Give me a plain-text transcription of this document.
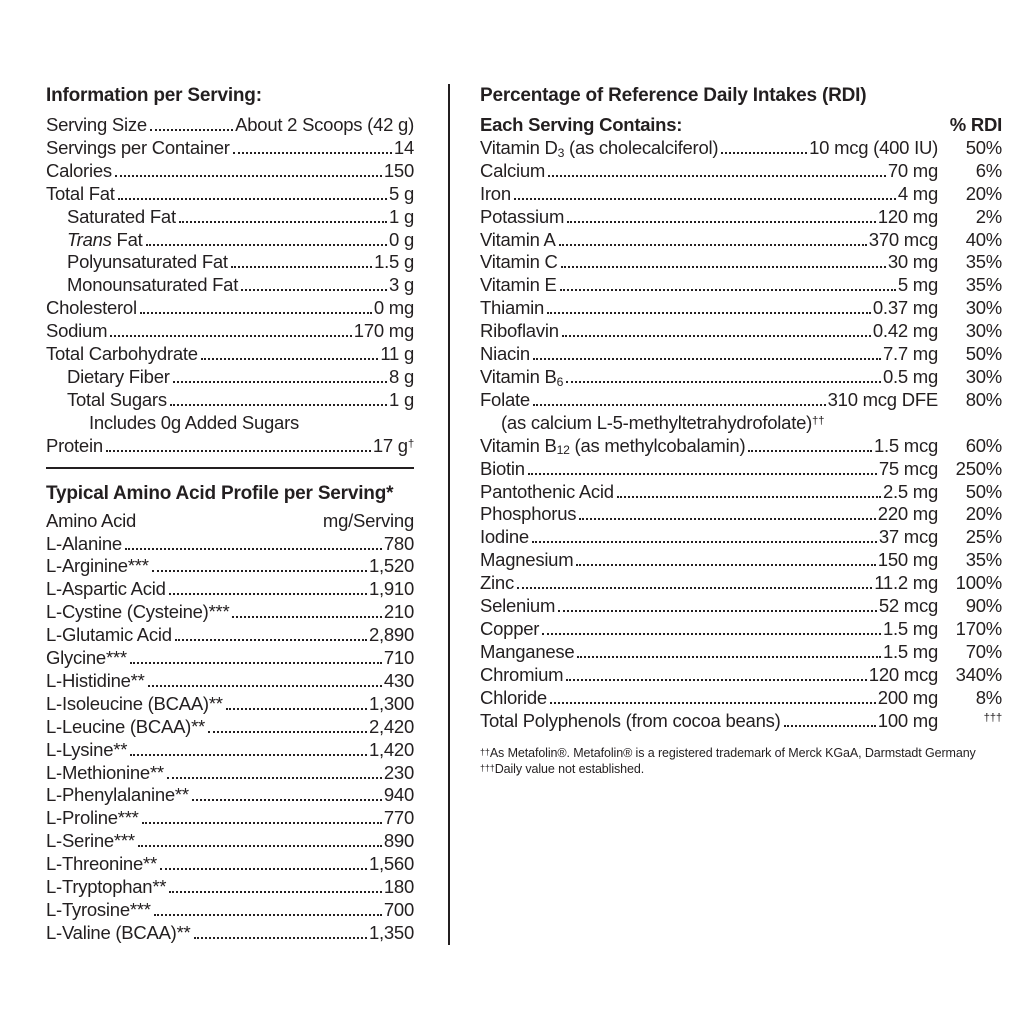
Information per Serving:
Serving Size	About 2 Scoops (42 g)
Servings per Container	14
Calories	150
Total Fat	5 g
Saturated Fat	1 g
Trans Fat	0 g
Polyunsaturated Fat	1.5 g
Monounsaturated Fat	3 g
Cholesterol	0 mg
Sodium	170 mg
Total Carbohydrate	11 g
Dietary Fiber	8 g
Total Sugars	1 g
Includes 0g Added Sugars
Protein	17 g†
Typical Amino Acid Profile per Serving*
Amino Acid	mg/Serving
L-Alanine	780
L-Arginine***	1,520
L-Aspartic Acid	1,910
L-Cystine (Cysteine)***	210
L-Glutamic Acid	2,890
Glycine***	710
L-Histidine**	430
L-Isoleucine (BCAA)**	1,300
L-Leucine (BCAA)**	2,420
L-Lysine**	1,420
L-Methionine**	230
L-Phenylalanine**	940
L-Proline***	770
L-Serine***	890
L-Threonine**	1,560
L-Tryptophan**	180
L-Tyrosine***	700
L-Valine (BCAA)**	1,350
Percentage of Reference Daily Intakes (RDI)
Each Serving Contains:	% RDI
Vitamin $D_3$ (as cholecalciferol)	10 mcg (400 IU)	50%
Calcium	70 mg	6%
Iron	4 mg	20%
Potassium	120 mg	2%
Vitamin A	370 mcg	40%
Vitamin C	30 mg	35%
Vitamin E	5 mg	35%
Thiamin	0.37 mg	30%
Riboflavin	0.42 mg	30%
Niacin	7.7 mg	50%
Vitamin $B_6$	0.5 mg	30%
Folate	310 mcg DFE	80%
(as calcium L-5-methyltetrahydrofolate)††
Vitamin $B_{12}$ (as methylcobalamin)	1.5 mcg	60%
Biotin	75 mcg 250%
Pantothenic Acid	2.5 mg	50%
Phosphorus	220 mg	20%
Iodine	37 mcg	25%
Magnesium	150 mg	35%
Zinc	11.2 mg 100%
Selenium	52 mcg	90%
Copper	1.5 mg 170%
Manganese	1.5 mg	70%
Chromium	120 mcg 340%
Chloride	200 mg	8%
Total Polyphenols (from cocoa beans)	100 mg	†††
††As Metafolin®. Metafolin® is a registered trademark of Merck KGaA, Darmstadt Germany
†††Daily value not established.
